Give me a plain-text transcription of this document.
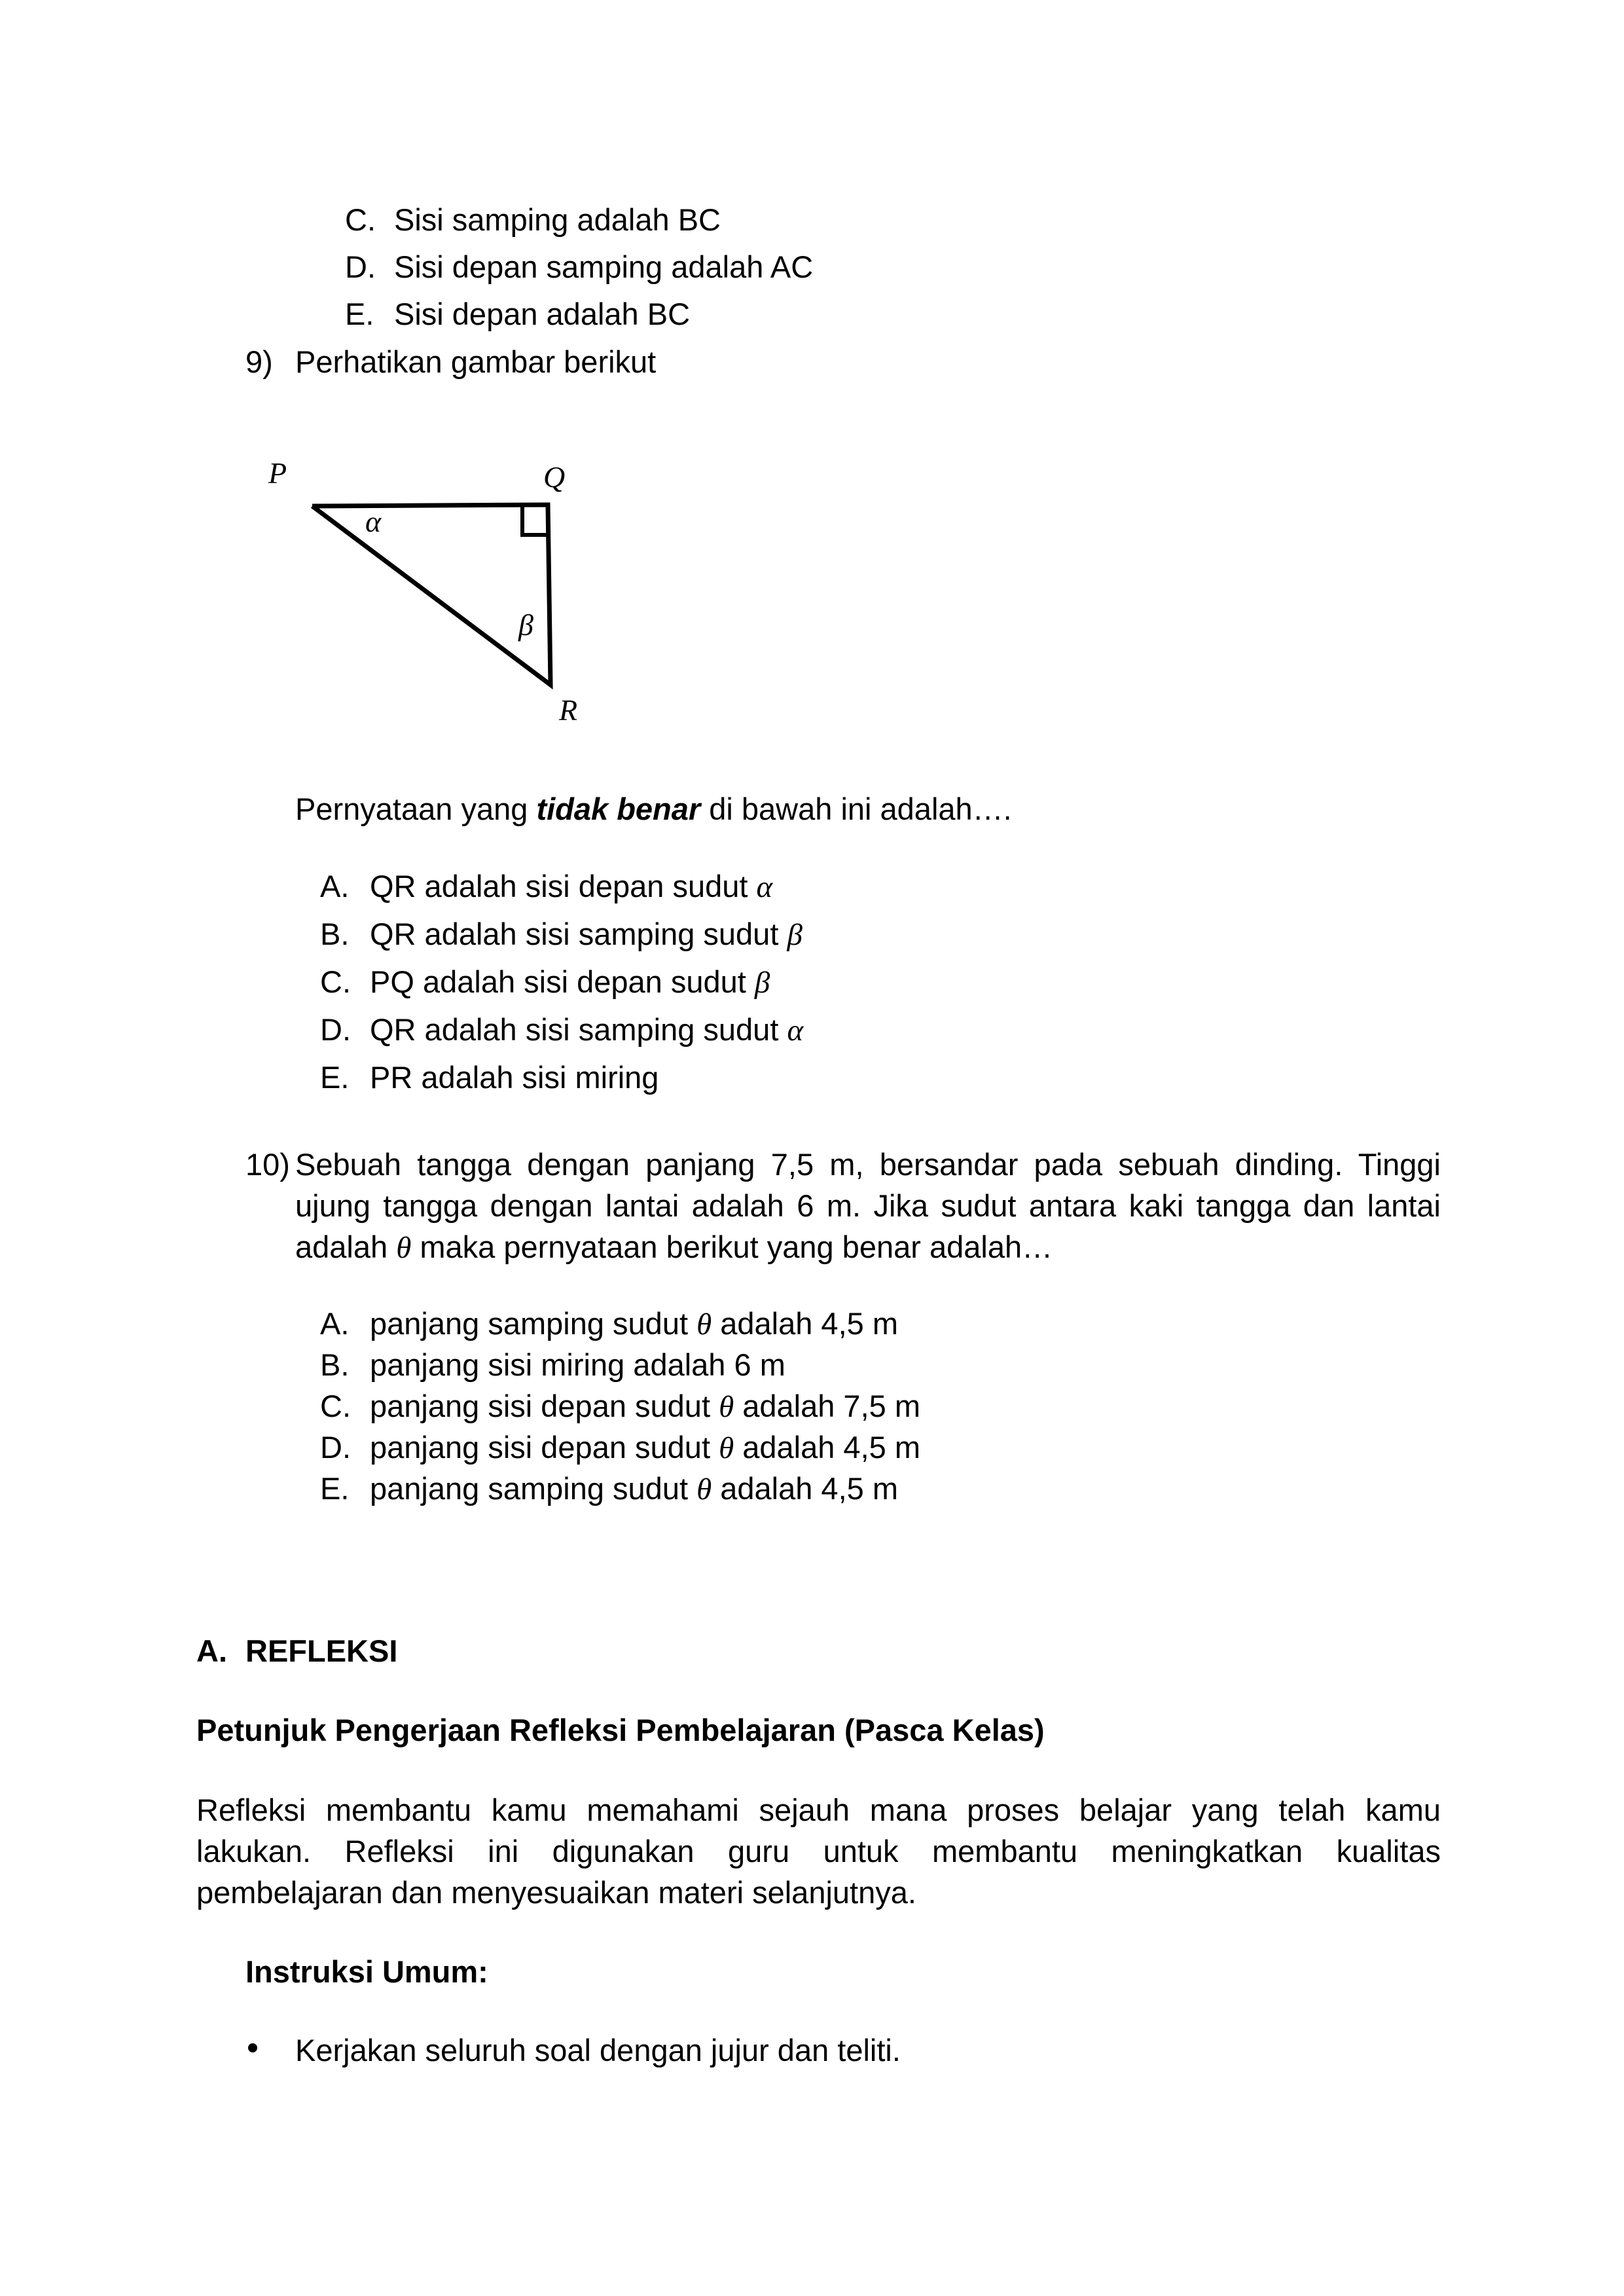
C. Sisi samping adalah BC
D. Sisi depan samping adalah AC
E. Sisi depan adalah BC
9) Perhatikan gambar berikut
P	Q
R
α
β
Pernyataan yang tidak benar di bawah ini adalah….
A. QR adalah sisi depan sudut α
B. QR adalah sisi samping sudut β
C. PQ adalah sisi depan sudut β
D. QR adalah sisi samping sudut α
E. PR adalah sisi miring
10) Sebuah tangga dengan panjang 7,5 m, bersandar pada sebuah dinding. Tinggi
ujung tangga dengan lantai adalah 6 m. Jika sudut antara kaki tangga dan lantai
adalah θ maka pernyataan berikut yang benar adalah…
A. panjang samping sudut θ adalah 4,5 m
B. panjang sisi miring adalah 6 m
C. panjang sisi depan sudut θ adalah 7,5 m
D. panjang sisi depan sudut θ adalah 4,5 m
E. panjang samping sudut θ adalah 4,5 m
A. REFLEKSI
Petunjuk Pengerjaan Refleksi Pembelajaran (Pasca Kelas)
Refleksi membantu kamu memahami sejauh mana proses belajar yang telah kamu
lakukan. Refleksi ini digunakan guru untuk membantu meningkatkan kualitas
pembelajaran dan menyesuaikan materi selanjutnya.
Instruksi Umum:
Kerjakan seluruh soal dengan jujur dan teliti.
